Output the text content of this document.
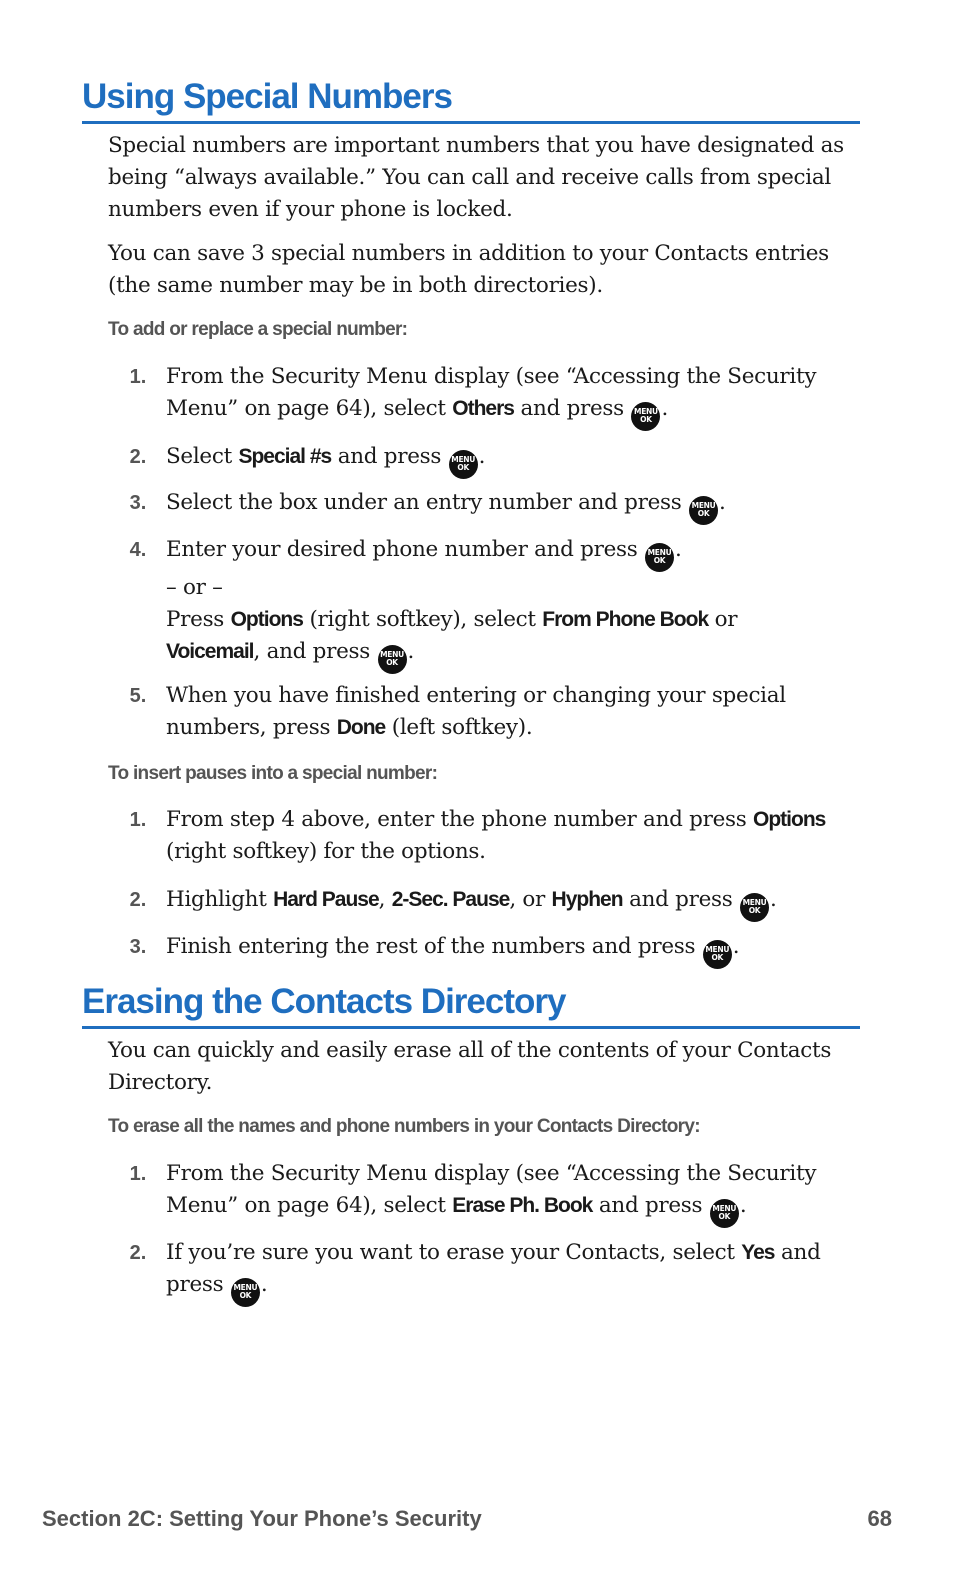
Using Special Numbers

Special numbers are important numbers that you have designated as being “always available.” You can call and receive calls from special numbers even if your phone is locked.

You can save 3 special numbers in addition to your Contacts entries (the same number may be in both directories).

To add or replace a special number:

1. From the Security Menu display (see “Accessing the Security Menu” on page 64), select Others and press MENU
OK .
2. Select Special #s and press MENU
OK .
3. Select the box under an entry number and press MENU
OK .
4. Enter your desired phone number and press MENU
OK .
– or –
Press Options (right softkey), select From Phone Book or
Voicemail, and press MENU
OK .
5. When you have finished entering or changing your special numbers, press Done (left softkey).

To insert pauses into a special number:

1. From step 4 above, enter the phone number and press Options (right softkey) for the options.
2. Highlight Hard Pause, 2-Sec. Pause, or Hyphen and press MENU
OK .
3. Finish entering the rest of the numbers and press MENU
OK .
Erasing the Contacts Directory

You can quickly and easily erase all of the contents of your Contacts Directory.

To erase all the names and phone numbers in your Contacts Directory:

1. From the Security Menu display (see “Accessing the Security Menu” on page 64), select Erase Ph. Book and press MENU
OK .
2. If you’re sure you want to erase your Contacts, select Yes and press MENU
OK .
Section 2C: Setting Your Phone’s Security	68
